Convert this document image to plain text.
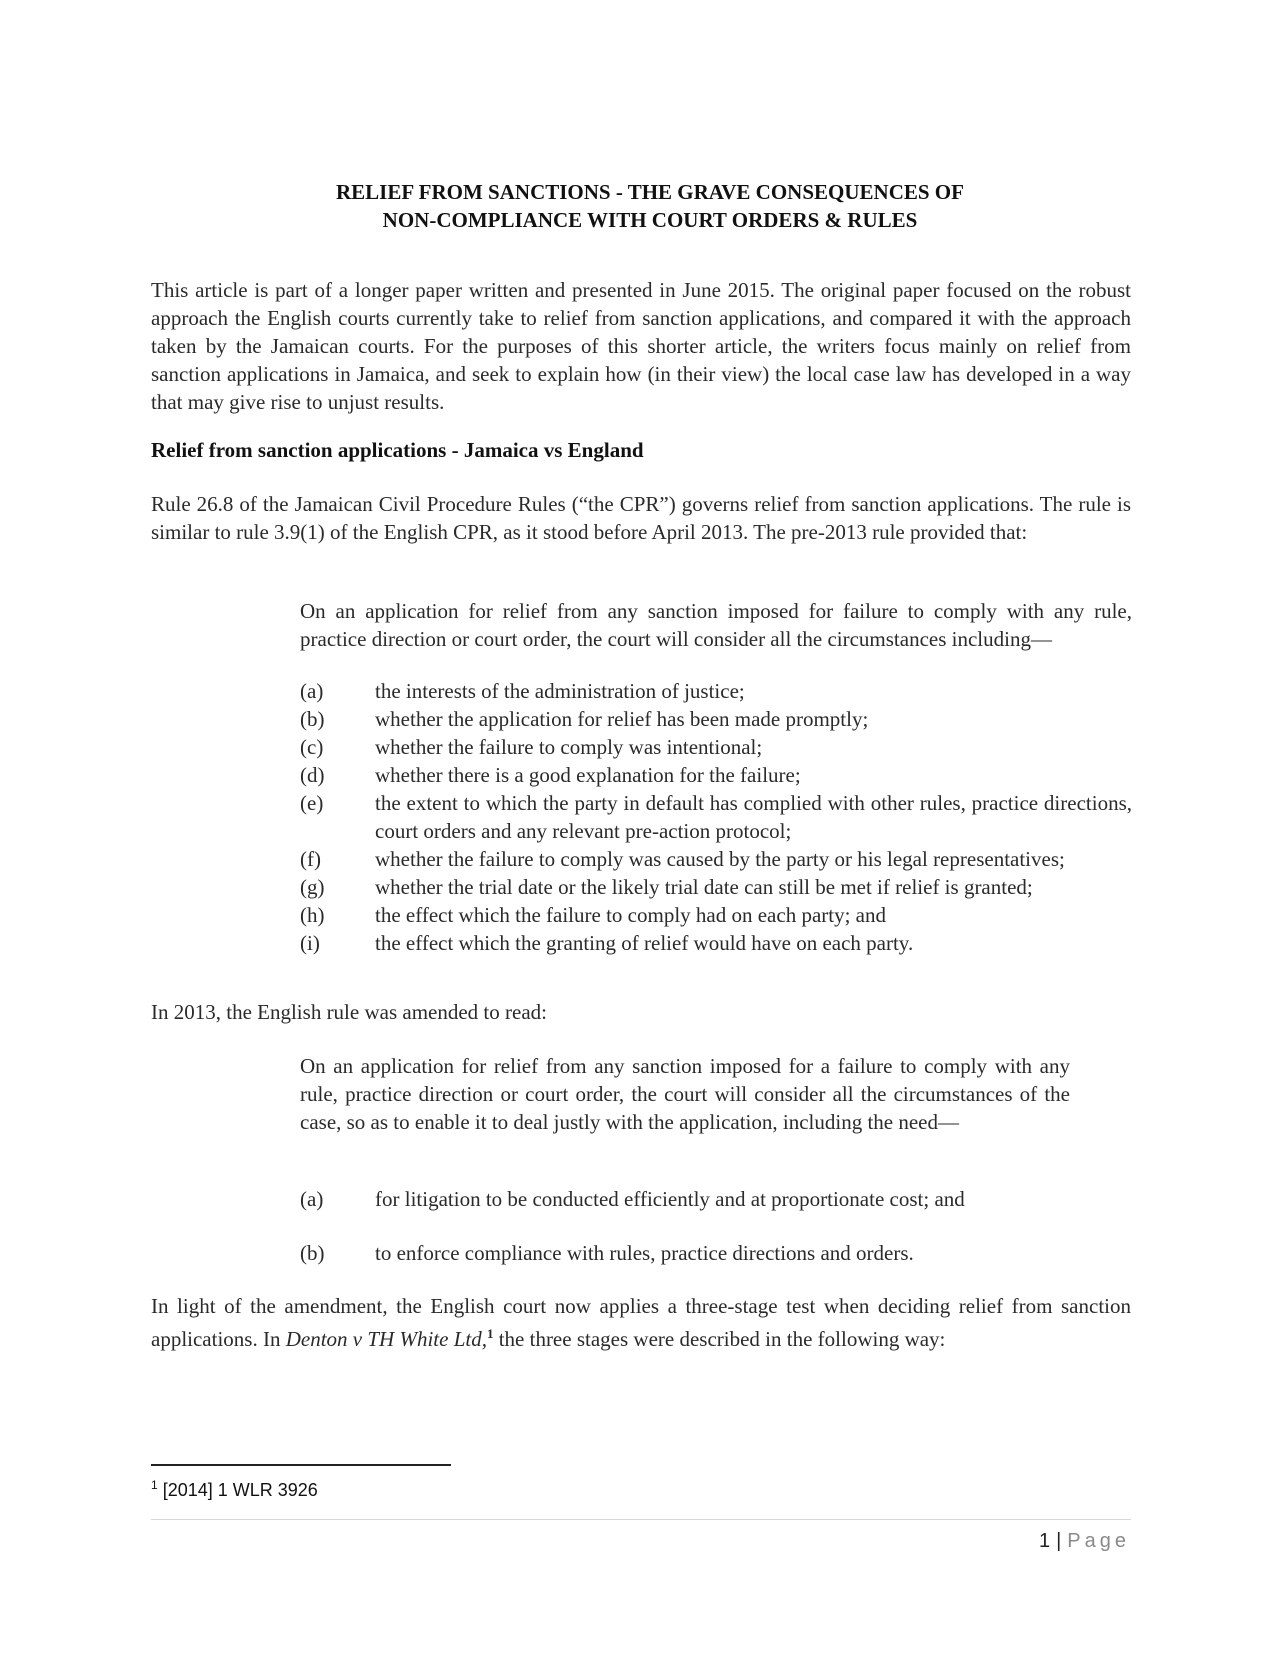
RELIEF FROM SANCTIONS - THE GRAVE CONSEQUENCES OF
NON-COMPLIANCE WITH COURT ORDERS & RULES
This article is part of a longer paper written and presented in June 2015. The original paper focused on the robust approach the English courts currently take to relief from sanction applications, and compared it with the approach taken by the Jamaican courts. For the purposes of this shorter article, the writers focus mainly on relief from sanction applications in Jamaica, and seek to explain how (in their view) the local case law has developed in a way that may give rise to unjust results.
Relief from sanction applications - Jamaica vs England
Rule 26.8 of the Jamaican Civil Procedure Rules (“the CPR”) governs relief from sanction applications. The rule is similar to rule 3.9(1) of the English CPR, as it stood before April 2013. The pre-2013 rule provided that:
On an application for relief from any sanction imposed for failure to comply with any rule, practice direction or court order, the court will consider all the circumstances including—
(a)	the interests of the administration of justice;
(b)	whether the application for relief has been made promptly;
(c)	whether the failure to comply was intentional;
(d)	whether there is a good explanation for the failure;
(e)	the extent to which the party in default has complied with other rules, practice directions, court orders and any relevant pre-action protocol;
(f)	whether the failure to comply was caused by the party or his legal representatives;
(g)	whether the trial date or the likely trial date can still be met if relief is granted;
(h)	the effect which the failure to comply had on each party; and
(i)	the effect which the granting of relief would have on each party.
In 2013, the English rule was amended to read:
On an application for relief from any sanction imposed for a failure to comply with any rule, practice direction or court order, the court will consider all the circumstances of the case, so as to enable it to deal justly with the application, including the need—
(a)	for litigation to be conducted efficiently and at proportionate cost; and
(b)	to enforce compliance with rules, practice directions and orders.
In light of the amendment, the English court now applies a three-stage test when deciding relief from sanction applications. In Denton v TH White Ltd,$^1$ the three stages were described in the following way:
$^1$ [2014] 1 WLR 3926
1 | Page
